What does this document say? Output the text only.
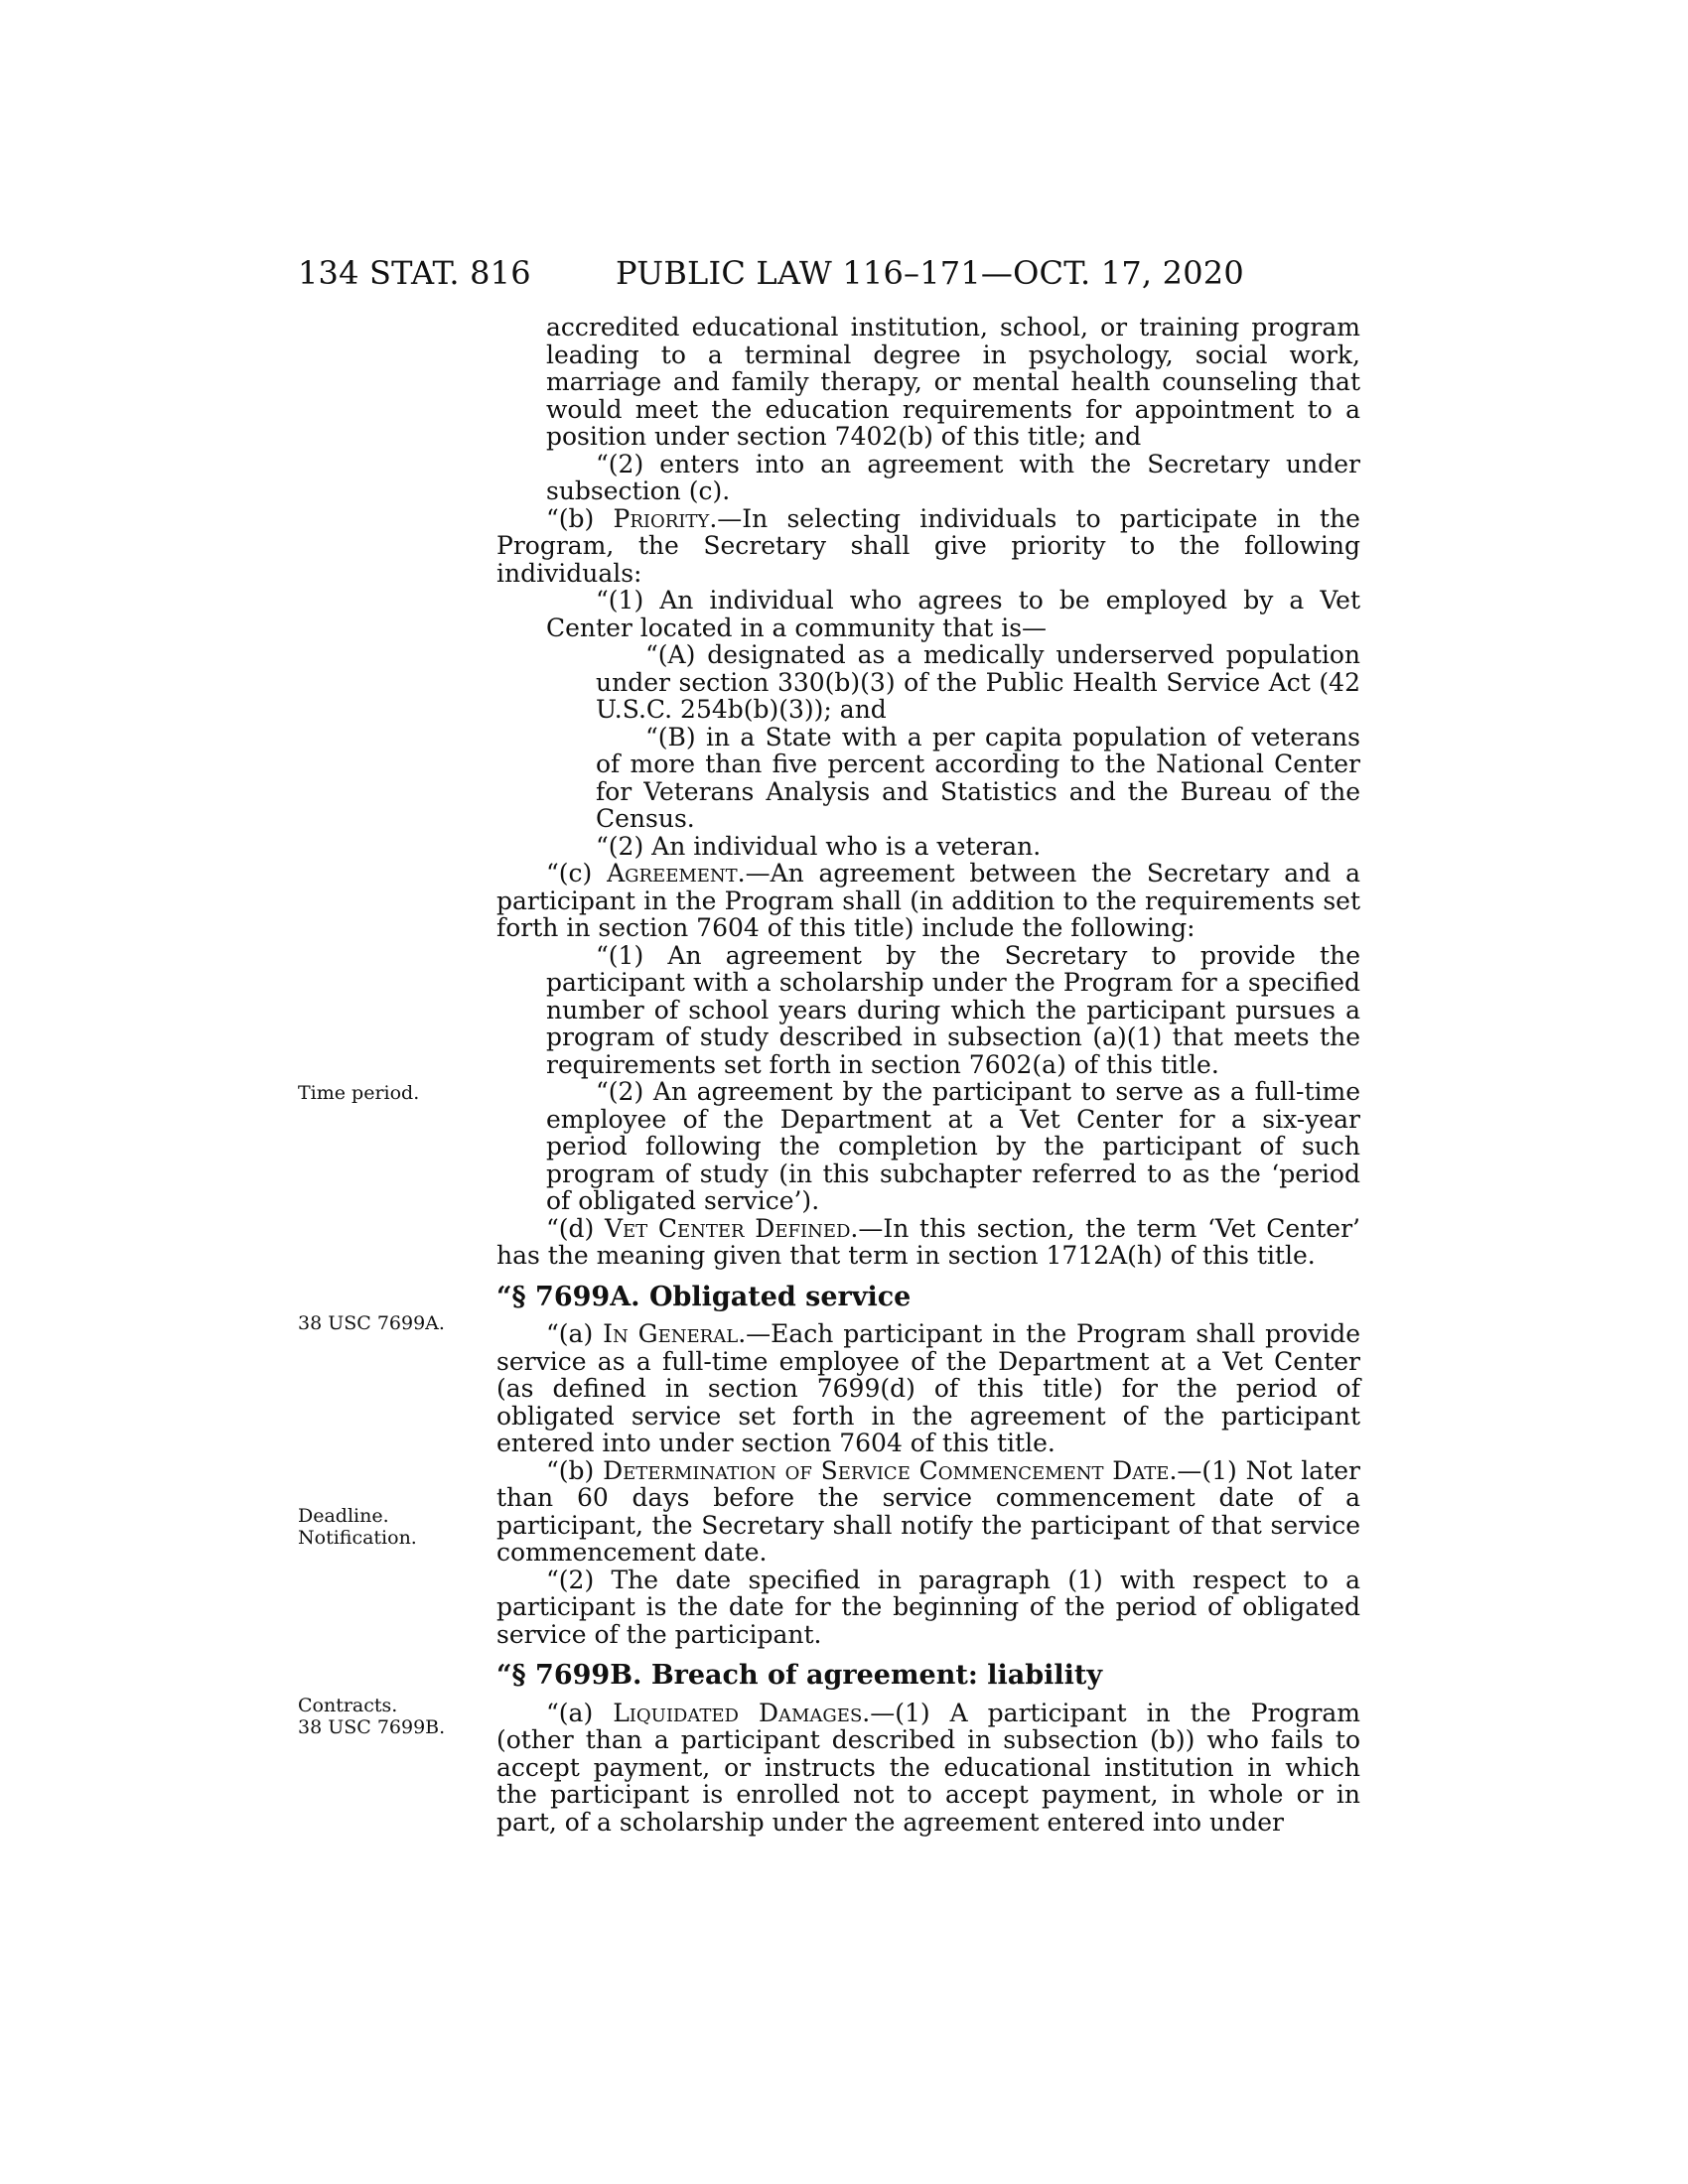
134 STAT. 816	PUBLIC LAW 116–171—OCT. 17, 2020
Time period.
38 USC 7699A.
Deadline.
Notification.
Contracts.
38 USC 7699B.

accredited educational institution, school, or training program leading to a terminal degree in psychology, social work, marriage and family therapy, or mental health counseling that would meet the education requirements for appointment to a position under section 7402(b) of this title; and

“(2) enters into an agreement with the Secretary under subsection (c).

“(b) Priority.—In selecting individuals to participate in the Program, the Secretary shall give priority to the following individuals:

“(1) An individual who agrees to be employed by a Vet Center located in a community that is—

“(A) designated as a medically underserved population under section 330(b)(3) of the Public Health Service Act (42 U.S.C. 254b(b)(3)); and

“(B) in a State with a per capita population of veterans of more than five percent according to the National Center for Veterans Analysis and Statistics and the Bureau of the Census.

“(2) An individual who is a veteran.

“(c) Agreement.—An agreement between the Secretary and a participant in the Program shall (in addition to the requirements set forth in section 7604 of this title) include the following:

“(1) An agreement by the Secretary to provide the participant with a scholarship under the Program for a specified number of school years during which the participant pursues a program of study described in subsection (a)(1) that meets the requirements set forth in section 7602(a) of this title.

“(2) An agreement by the participant to serve as a full-time employee of the Department at a Vet Center for a six-year period following the completion by the participant of such program of study (in this subchapter referred to as the ‘period of obligated service’).

“(d) Vet Center Defined.—In this section, the term ‘Vet Center’ has the meaning given that term in section 1712A(h) of this title.

“§ 7699A. Obligated service

“(a) In General.—Each participant in the Program shall provide service as a full-time employee of the Department at a Vet Center (as defined in section 7699(d) of this title) for the period of obligated service set forth in the agreement of the participant entered into under section 7604 of this title.

“(b) Determination of Service Commencement Date.—(1) Not later than 60 days before the service commencement date of a participant, the Secretary shall notify the participant of that service commencement date.

“(2) The date specified in paragraph (1) with respect to a participant is the date for the beginning of the period of obligated service of the participant.

“§ 7699B. Breach of agreement: liability

“(a) Liquidated Damages.—(1) A participant in the Program (other than a participant described in subsection (b)) who fails to accept payment, or instructs the educational institution in which the participant is enrolled not to accept payment, in whole or in part, of a scholarship under the agreement entered into under
